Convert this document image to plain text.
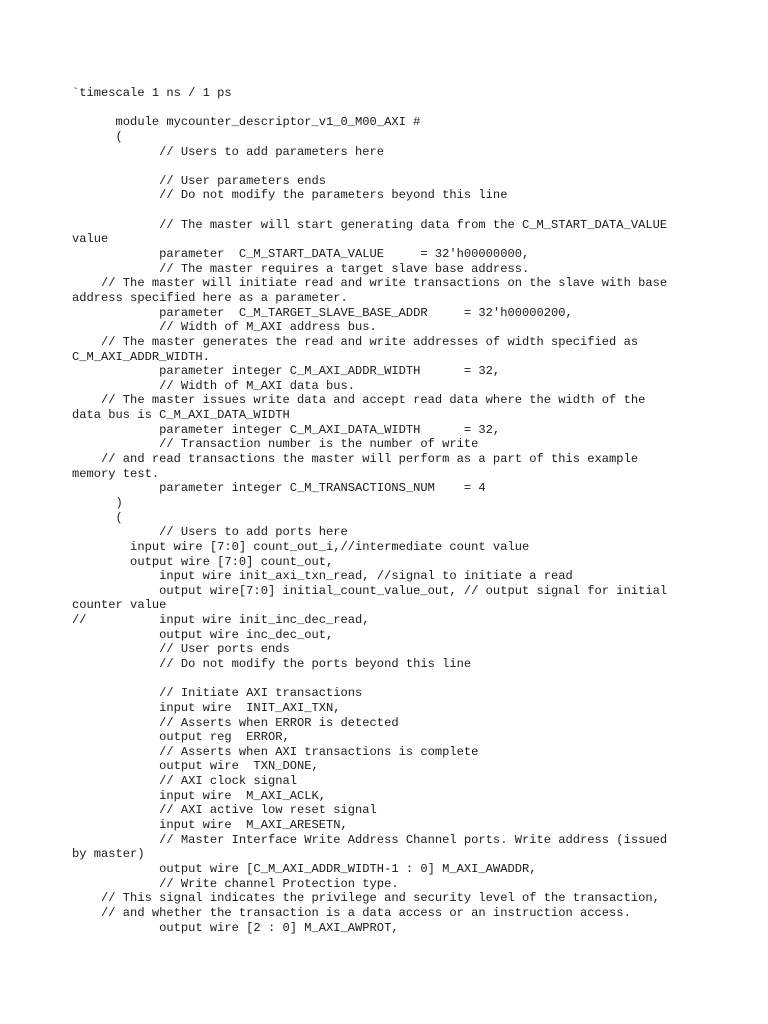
`timescale 1 ns / 1 ps

module mycounter_descriptor_v1_0_M00_AXI #

(

// Users to add parameters here

// User parameters ends

// Do not modify the parameters beyond this line

// The master will start generating data from the C_M_START_DATA_VALUE

value

parameter  C_M_START_DATA_VALUE     = 32'h00000000,

// The master requires a target slave base address.

// The master will initiate read and write transactions on the slave with base

address specified here as a parameter.

parameter  C_M_TARGET_SLAVE_BASE_ADDR     = 32'h00000200,

// Width of M_AXI address bus.

// The master generates the read and write addresses of width specified as

C_M_AXI_ADDR_WIDTH.

parameter integer C_M_AXI_ADDR_WIDTH      = 32,

// Width of M_AXI data bus.

// The master issues write data and accept read data where the width of the

data bus is C_M_AXI_DATA_WIDTH

parameter integer C_M_AXI_DATA_WIDTH      = 32,

// Transaction number is the number of write

// and read transactions the master will perform as a part of this example

memory test.

parameter integer C_M_TRANSACTIONS_NUM    = 4

)

(

// Users to add ports here

input wire [7:0] count_out_i,//intermediate count value

output wire [7:0] count_out,

input wire init_axi_txn_read, //signal to initiate a read

output wire[7:0] initial_count_value_out, // output signal for initial

counter value

//          input wire init_inc_dec_read,

output wire inc_dec_out,

// User ports ends

// Do not modify the ports beyond this line

// Initiate AXI transactions

input wire  INIT_AXI_TXN,

// Asserts when ERROR is detected

output reg  ERROR,

// Asserts when AXI transactions is complete

output wire  TXN_DONE,

// AXI clock signal

input wire  M_AXI_ACLK,

// AXI active low reset signal

input wire  M_AXI_ARESETN,

// Master Interface Write Address Channel ports. Write address (issued

by master)

output wire [C_M_AXI_ADDR_WIDTH-1 : 0] M_AXI_AWADDR,

// Write channel Protection type.

// This signal indicates the privilege and security level of the transaction,

// and whether the transaction is a data access or an instruction access.

output wire [2 : 0] M_AXI_AWPROT,
